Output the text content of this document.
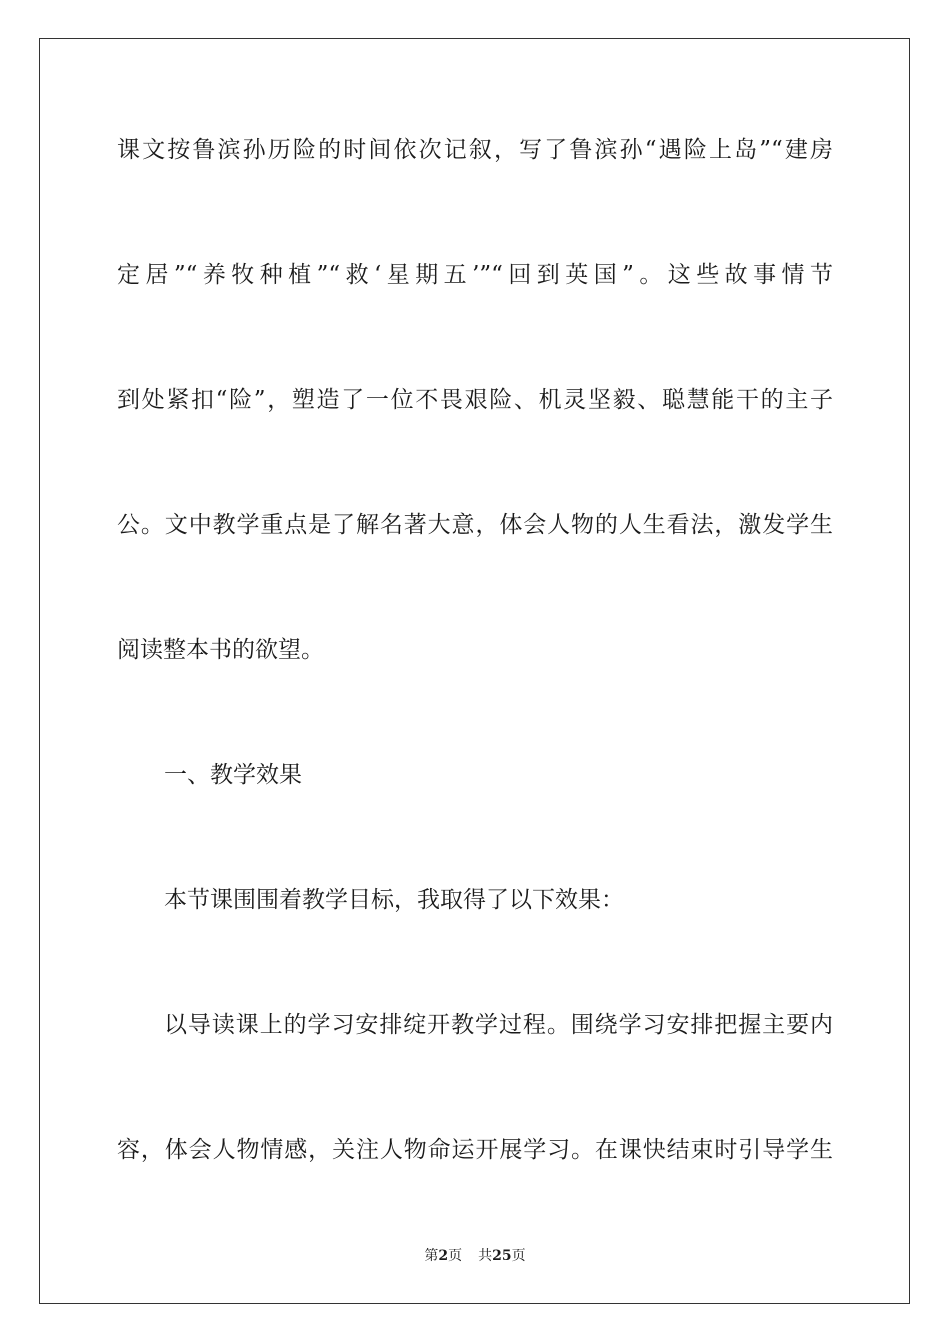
课文按鲁滨孙历险的时间依次记叙，写了鲁滨孙“遇险上岛”“建房
定居”“养牧种植”“救‘星期五’”“回到英国”。这些故事情节
到处紧扣“险”，塑造了一位不畏艰险、机灵坚毅、聪慧能干的主子
公。文中教学重点是了解名著大意，体会人物的人生看法，激发学生
阅读整本书的欲望。
一、教学效果
本节课围围着教学目标，我取得了以下效果：
以导读课上的学习安排绽开教学过程。围绕学习安排把握主要内
容，体会人物情感，关注人物命运开展学习。在课快结束时引导学生
第2页 共25页
